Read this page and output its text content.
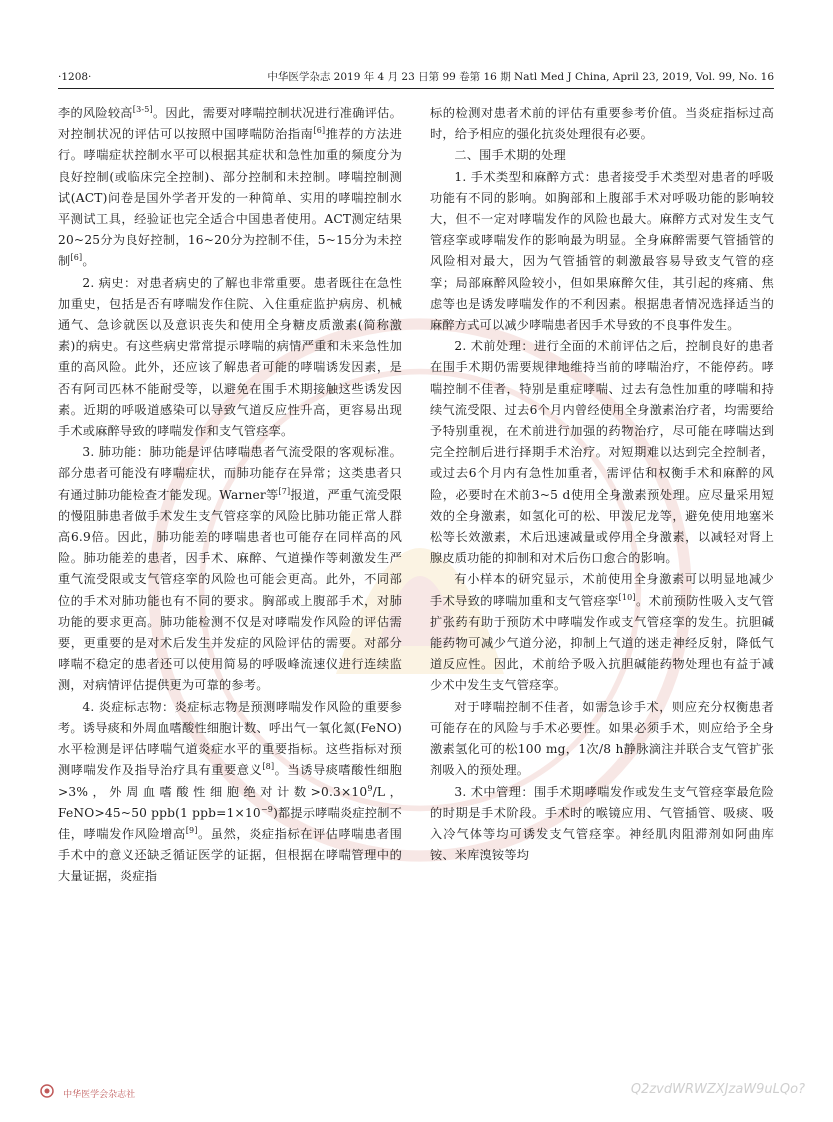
·1208·	中华医学杂志 2019 年 4 月 23 日第 99 卷第 16 期 Natl Med J China, April 23, 2019, Vol. 99, No. 16

李的风险较高[3-5]。因此，需要对哮喘控制状况进行准确评估。对控制状况的评估可以按照中国哮喘防治指南[6]推荐的方法进行。哮喘症状控制水平可以根据其症状和急性加重的频度分为良好控制(或临床完全控制)、部分控制和未控制。哮喘控制测试(ACT)问卷是国外学者开发的一种简单、实用的哮喘控制水平测试工具，经验证也完全适合中国患者使用。ACT测定结果20~25分为良好控制，16~20分为控制不佳，5~15分为未控制[6]。

2. 病史：对患者病史的了解也非常重要。患者既往在急性加重史，包括是否有哮喘发作住院、入住重症监护病房、机械通气、急诊就医以及意识丧失和使用全身糖皮质激素(简称激素)的病史。有这些病史常常提示哮喘的病情严重和未来急性加重的高风险。此外，还应该了解患者可能的哮喘诱发因素，是否有阿司匹林不能耐受等，以避免在围手术期接触这些诱发因素。近期的呼吸道感染可以导致气道反应性升高，更容易出现手术或麻醉导致的哮喘发作和支气管痉挛。

3. 肺功能：肺功能是评估哮喘患者气流受限的客观标准。部分患者可能没有哮喘症状，而肺功能存在异常；这类患者只有通过肺功能检查才能发现。Warner等[7]报道，严重气流受限的慢阻肺患者做手术发生支气管痉挛的风险比肺功能正常人群高6.9倍。因此，肺功能差的哮喘患者也可能存在同样高的风险。肺功能差的患者，因手术、麻醉、气道操作等刺激发生严重气流受限或支气管痉挛的风险也可能会更高。此外，不同部位的手术对肺功能也有不同的要求。胸部或上腹部手术，对肺功能的要求更高。肺功能检测不仅是对哮喘发作风险的评估需要，更重要的是对术后发生并发症的风险评估的需要。对部分哮喘不稳定的患者还可以使用简易的呼吸峰流速仪进行连续监测，对病情评估提供更为可靠的参考。

4. 炎症标志物：炎症标志物是预测哮喘发作风险的重要参考。诱导痰和外周血嗜酸性细胞计数、呼出气一氧化氮(FeNO)水平检测是评估哮喘气道炎症水平的重要指标。这些指标对预测哮喘发作及指导治疗具有重要意义[8]。当诱导痰嗜酸性细胞>3%，外周血嗜酸性细胞绝对计数$>0.3\times 10^9/L$，FeNO>45~50 ppb(1 $ppb=1\times 10^{-9}$)都提示哮喘炎症控制不佳，哮喘发作风险增高[9]。虽然，炎症指标在评估哮喘患者围手术中的意义还缺乏循证医学的证据，但根据在哮喘管理中的大量证据，炎症指

标的检测对患者术前的评估有重要参考价值。当炎症指标过高时，给予相应的强化抗炎处理很有必要。

二、围手术期的处理

1. 手术类型和麻醉方式：患者接受手术类型对患者的呼吸功能有不同的影响。如胸部和上腹部手术对呼吸功能的影响较大，但不一定对哮喘发作的风险也最大。麻醉方式对发生支气管痉挛或哮喘发作的影响最为明显。全身麻醉需要气管插管的风险相对最大，因为气管插管的刺激最容易导致支气管的痉挛；局部麻醉风险较小，但如果麻醉欠佳，其引起的疼痛、焦虑等也是诱发哮喘发作的不利因素。根据患者情况选择适当的麻醉方式可以减少哮喘患者因手术导致的不良事件发生。

2. 术前处理：进行全面的术前评估之后，控制良好的患者在围手术期仍需要规律地维持当前的哮喘治疗，不能停药。哮喘控制不佳者，特别是重症哮喘、过去有急性加重的哮喘和持续气流受限、过去6个月内曾经使用全身激素治疗者，均需要给予特别重视，在术前进行加强的药物治疗，尽可能在哮喘达到完全控制后进行择期手术治疗。对短期难以达到完全控制者，或过去6个月内有急性加重者，需评估和权衡手术和麻醉的风险，必要时在术前3~5 d使用全身激素预处理。应尽量采用短效的全身激素，如氢化可的松、甲泼尼龙等，避免使用地塞米松等长效激素，术后迅速减量或停用全身激素，以减轻对肾上腺皮质功能的抑制和对术后伤口愈合的影响。

有小样本的研究显示，术前使用全身激素可以明显地减少手术导致的哮喘加重和支气管痉挛[10]。术前预防性吸入支气管扩张药有助于预防术中哮喘发作或支气管痉挛的发生。抗胆碱能药物可减少气道分泌，抑制上气道的迷走神经反射，降低气道反应性。因此，术前给予吸入抗胆碱能药物处理也有益于减少术中发生支气管痉挛。

对于哮喘控制不佳者，如需急诊手术，则应充分权衡患者可能存在的风险与手术必要性。如果必须手术，则应给予全身激素氢化可的松100 mg，1次/8 h静脉滴注并联合支气管扩张剂吸入的预处理。

3. 术中管理：围手术期哮喘发作或发生支气管痉挛最危险的时期是手术阶段。手术时的喉镜应用、气管插管、吸痰、吸入冷气体等均可诱发支气管痉挛。神经肌肉阻滞剂如阿曲库铵、米库溴铵等均

中华医学会杂志社	Q2zvdWRWZXJzaW9uLQo?
